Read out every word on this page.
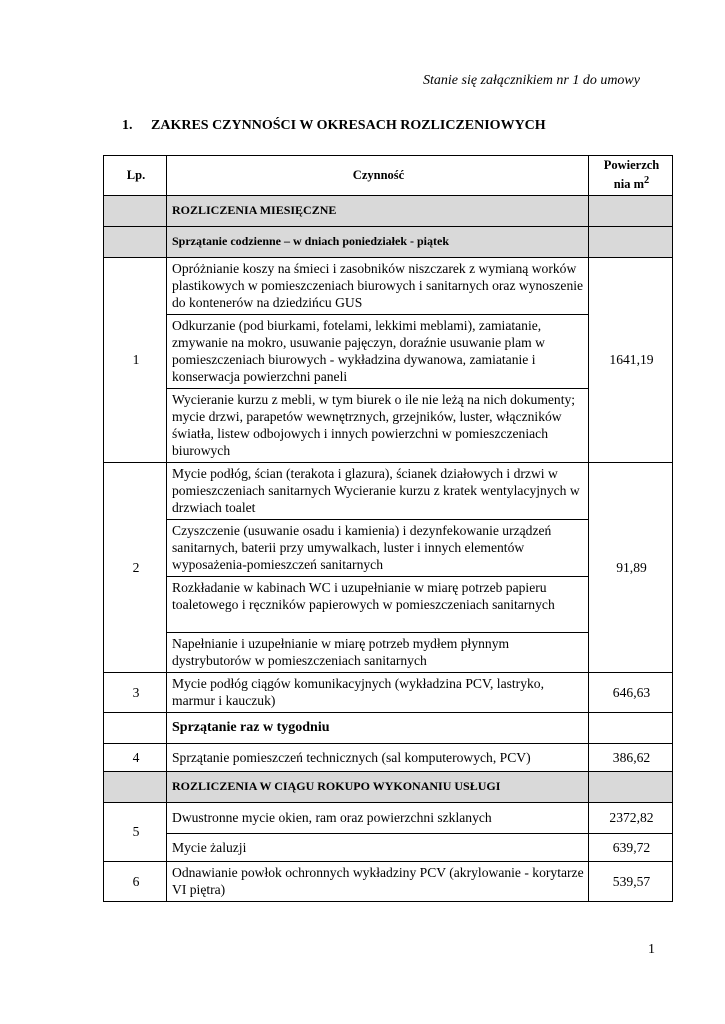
Stanie się załącznikiem nr 1 do umowy
1. ZAKRES CZYNNOŚCI W OKRESACH ROZLICZENIOWYCH
Lp.	Czynność	Powierzch nia $m^2$
	ROZLICZENIA MIESIĘCZNE	
	Sprzątanie codzienne – w dniach poniedziałek - piątek	
1	Opróżnianie koszy na śmieci i zasobników niszczarek z wymianą worków plastikowych w pomieszczeniach biurowych i sanitarnych oraz wynoszenie do kontenerów na dziedzińcu GUS	1641,19
	Odkurzanie (pod biurkami, fotelami, lekkimi meblami), zamiatanie, zmywanie na mokro, usuwanie pajęczyn, doraźnie usuwanie plam w pomieszczeniach biurowych - wykładzina dywanowa, zamiatanie i konserwacja powierzchni paneli	
	Wycieranie kurzu z mebli, w tym biurek o ile nie leżą na nich dokumenty; mycie drzwi, parapetów wewnętrznych, grzejników, luster, włączników światła, listew odbojowych i innych powierzchni w pomieszczeniach biurowych	
2	Mycie podłóg, ścian (terakota i glazura), ścianek działowych i drzwi w pomieszczeniach sanitarnych Wycieranie kurzu z kratek wentylacyjnych w drzwiach toalet	91,89
	Czyszczenie (usuwanie osadu i kamienia) i dezynfekowanie urządzeń sanitarnych, baterii przy umywalkach, luster i innych elementów wyposażenia-pomieszczeń sanitarnych	
	Rozkładanie w kabinach WC i uzupełnianie w miarę potrzeb papieru toaletowego i ręczników papierowych w pomieszczeniach sanitarnych	
	Napełnianie i uzupełnianie w miarę potrzeb mydłem płynnym dystrybutorów w pomieszczeniach sanitarnych	
3	Mycie podłóg ciągów komunikacyjnych (wykładzina PCV, lastryko, marmur i kauczuk)	646,63
	Sprzątanie raz w tygodniu	
4	Sprzątanie pomieszczeń technicznych (sal komputerowych, PCV)	386,62
	ROZLICZENIA W CIĄGU ROKUPO WYKONANIU USŁUGI	
5	Dwustronne mycie okien, ram oraz powierzchni szklanych	2372,82
	Mycie żaluzji	639,72
6	Odnawianie powłok ochronnych wykładziny PCV (akrylowanie - korytarze VI piętra)	539,57
1
